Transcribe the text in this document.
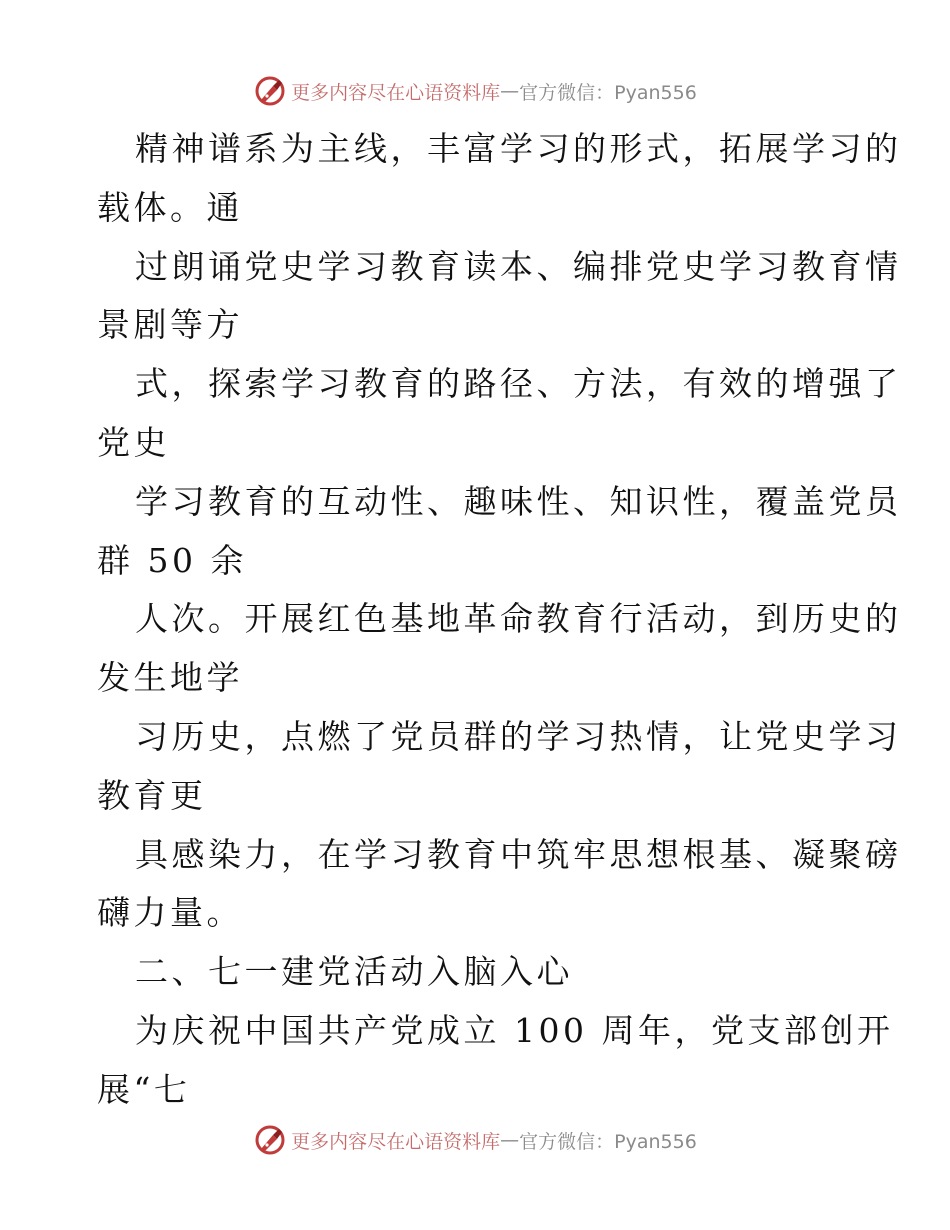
更多内容尽在心语资料库 — 官方微信：Pyan556
精神谱系为主线，丰富学习的形式，拓展学习的
载体。通
过朗诵党史学习教育读本、编排党史学习教育情
景剧等方
式，探索学习教育的路径、方法，有效的增强了
党史
学习教育的互动性、趣味性、知识性，覆盖党员
群 50 余
人次。开展红色基地革命教育行活动，到历史的
发生地学
习历史，点燃了党员群的学习热情，让党史学习
教育更
具感染力，在学习教育中筑牢思想根基、凝聚磅
礴力量。
二、七一建党活动入脑入心
为庆祝中国共产党成立 100 周年，党支部创开
展“七
更多内容尽在心语资料库 — 官方微信：Pyan556
